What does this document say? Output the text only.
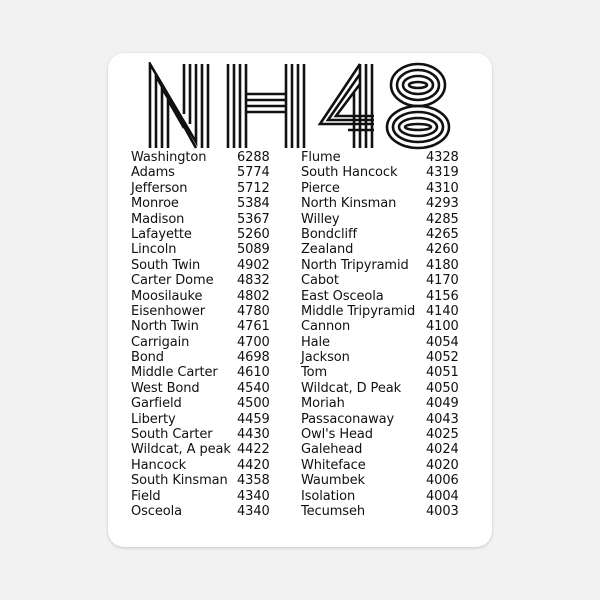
Washington 6288
Adams	5774
Jefferson	5712
Monroe	5384
Madison	5367
Lafayette	5260
Lincoln	5089
South Twin	4902
Carter Dome 4832
Moosilauke	4802
Eisenhower 4780
North Twin	4761
Carrigain	4700
Bond	4698
Middle Carter 4610
West Bond	4540
Garfield	4500
Liberty	4459
South Carter 4430
Wildcat, A peak 4422
Hancock	4420
South Kinsman 4358
Field	4340
Osceola	4340
Flume	4328
South Hancock 4319
Pierce	4310
North Kinsman 4293
Willey	4285
Bondcliff	4265
Zealand	4260
North Tripyramid 4180
Cabot	4170
East Osceola	4156
Middle Tripyramid 4140
Cannon	4100
Hale	4054
Jackson	4052
Tom	4051
Wildcat, D Peak 4050
Moriah	4049
Passaconaway 4043
Owl's Head	4025
Galehead	4024
Whiteface	4020
Waumbek	4006
Isolation	4004
Tecumseh	4003
